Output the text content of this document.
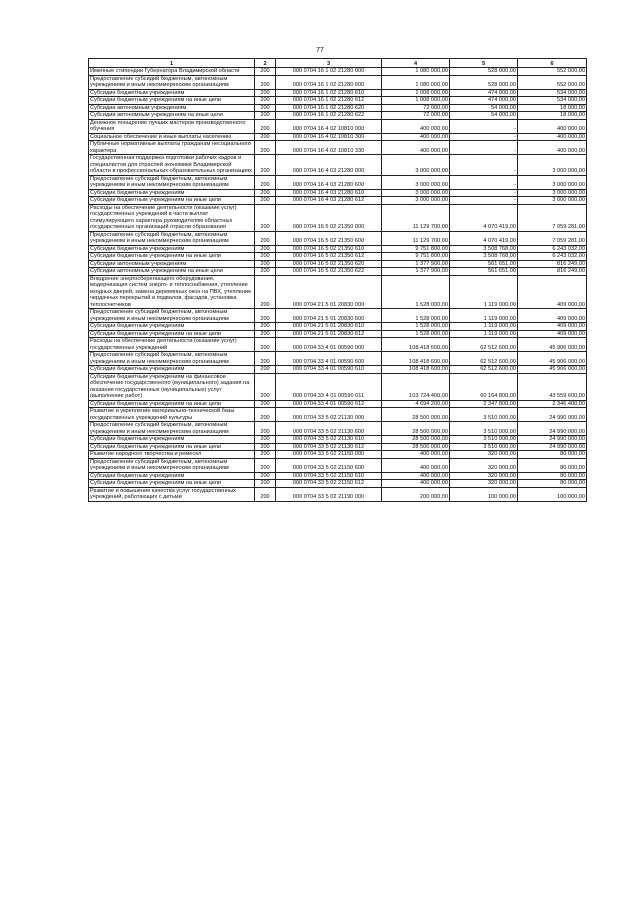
77
1	2	3	4	5	6
Именные стипендии Губернатора Владимирской области	200	000 0704 16 1 02 21280 000	1 080 000,00	528 000,00	552 000,00
Предоставление субсидий бюджетным, автономным учреждениям и иным некоммерческим организациям	200	000 0704 16 1 02 21280 600	1 080 000,00	528 000,00	552 000,00
Субсидии бюджетным учреждениям	200	000 0704 16 1 02 21280 610	1 008 000,00	474 000,00	534 000,00
Субсидии бюджетным учреждениям на иные цели	200	000 0704 16 1 02 21280 612	1 008 000,00	474 000,00	534 000,00
Субсидии автономным учреждениям	200	000 0704 16 1 02 21280 620	72 000,00	54 000,00	18 000,00
Субсидии автономным учреждениям на иные цели	200	000 0704 16 1 02 21280 622	72 000,00	54 000,00	18 000,00
Денежное поощрение лучших мастеров производственного обучения	200	000 0704 16 4 02 10810 000	400 000,00	-	400 000,00
Социальное обеспечение и иные выплаты населению	200	000 0704 16 4 02 10810 300	400 000,00	-	400 000,00
Публичные нормативные выплаты гражданам несоциального характера	200	000 0704 16 4 02 10810 330	400 000,00	-	400 000,00
Государственная поддержка подготовки рабочих кадров и специалистов для отраслей экономики Владимирской области в профессиональных образовательных организациях	200	000 0704 16 4 03 21280 000	3 000 000,00	-	3 000 000,00
Предоставление субсидий бюджетным, автономным учреждениям и иным некоммерческим организациям	200	000 0704 16 4 03 21280 600	3 000 000,00	-	3 000 000,00
Субсидии бюджетным учреждениям	200	000 0704 16 4 03 21280 610	3 000 000,00	-	3 000 000,00
Субсидии бюджетным учреждениям на иные цели	200	000 0704 16 4 03 21280 612	3 000 000,00	-	3 000 000,00
Расходы на обеспечение деятельности (оказание услуг) государственных учреждений в части выплат стимулирующего характера руководителям областных государственных организаций отрасли образования	200	000 0704 16 5 02 21350 000	11 129 700,00	4 070 419,00	7 059 281,00
Предоставление субсидий бюджетным, автономным учреждениям и иным некоммерческим организациям	200	000 0704 16 5 02 21350 600	11 129 700,00	4 070 419,00	7 059 281,00
Субсидии бюджетным учреждениям	200	000 0704 16 5 02 21350 610	9 751 800,00	3 508 768,00	6 243 032,00
Субсидии бюджетным учреждениям на иные цели	200	000 0704 16 5 02 21350 612	9 751 800,00	3 508 768,00	6 243 032,00
Субсидии автономным учреждениям	200	000 0704 16 5 02 21350 620	1 377 900,00	561 651,00	816 249,00
Субсидии автономным учреждениям на иные цели	200	000 0704 16 5 02 21350 622	1 377 900,00	561 651,00	816 249,00
Внедрение энергосберегающего оборудования, модернизация систем энерго- и теплоснабжения, утепление входных дверей, замена деревянных окон на ПВХ, утепление чердачных перекрытий и подвалов, фасадов, установка теплосчетчиков	200	000 0704 21 5 01 20830 000	1 528 000,00	1 119 000,00	409 000,00
Предоставление субсидий бюджетным, автономным учреждениям и иным некоммерческим организациям	200	000 0704 21 5 01 20830 600	1 528 000,00	1 119 000,00	409 000,00
Субсидии бюджетным учреждениям	200	000 0704 21 5 01 20830 610	1 528 000,00	1 119 000,00	409 000,00
Субсидии бюджетным учреждениям на иные цели	200	000 0704 21 5 01 20830 612	1 528 000,00	1 119 000,00	409 000,00
Расходы на обеспечение деятельности (оказание услуг) государственных учреждений	200	000 0704 33 4 01 00590 000	108 418 600,00	62 512 600,00	45 906 000,00
Предоставление субсидий бюджетным, автономным учреждениям и иным некоммерческим организациям	200	000 0704 33 4 01 00590 600	108 418 600,00	62 512 600,00	45 906 000,00
Субсидии бюджетным учреждениям	200	000 0704 33 4 01 00590 610	108 418 600,00	62 512 600,00	45 906 000,00
Субсидии бюджетным учреждениям на финансовое обеспечение государственного (муниципального) задания на оказание государственных (муниципальных) услуг (выполнение работ)	200	000 0704 33 4 01 00590 611	103 724 400,00	60 164 800,00	43 559 600,00
Субсидии бюджетным учреждениям на иные цели	200	000 0704 33 4 01 00590 612	4 694 200,00	2 347 800,00	2 346 400,00
Развитие и укрепление материально-технической базы государственных учреждений культуры	200	000 0704 33 5 02 21130 000	28 500 000,00	3 510 000,00	24 990 000,00
Предоставление субсидий бюджетным, автономным учреждениям и иным некоммерческим организациям	200	000 0704 33 5 02 21130 600	28 500 000,00	3 510 000,00	24 990 000,00
Субсидии бюджетным учреждениям	200	000 0704 33 5 02 21130 610	28 500 000,00	3 510 000,00	24 990 000,00
Субсидии бюджетным учреждениям на иные цели	200	000 0704 33 5 02 21130 612	28 500 000,00	3 510 000,00	24 990 000,00
Развитие народного творчества и ремесел	200	000 0704 33 5 02 21150 000	400 000,00	320 000,00	80 000,00
Предоставление субсидий бюджетным, автономным учреждениям и иным некоммерческим организациям	200	000 0704 33 5 02 21150 600	400 000,00	320 000,00	80 000,00
Субсидии бюджетным учреждениям	200	000 0704 33 5 02 21150 610	400 000,00	320 000,00	80 000,00
Субсидии бюджетным учреждениям на иные цели	200	000 0704 33 5 02 21150 612	400 000,00	320 000,00	80 000,00
Развитие и повышение качества услуг государственных учреждений, работающих с детьми	200	000 0704 33 5 02 21190 000	200 000,00	100 000,00	100 000,00
